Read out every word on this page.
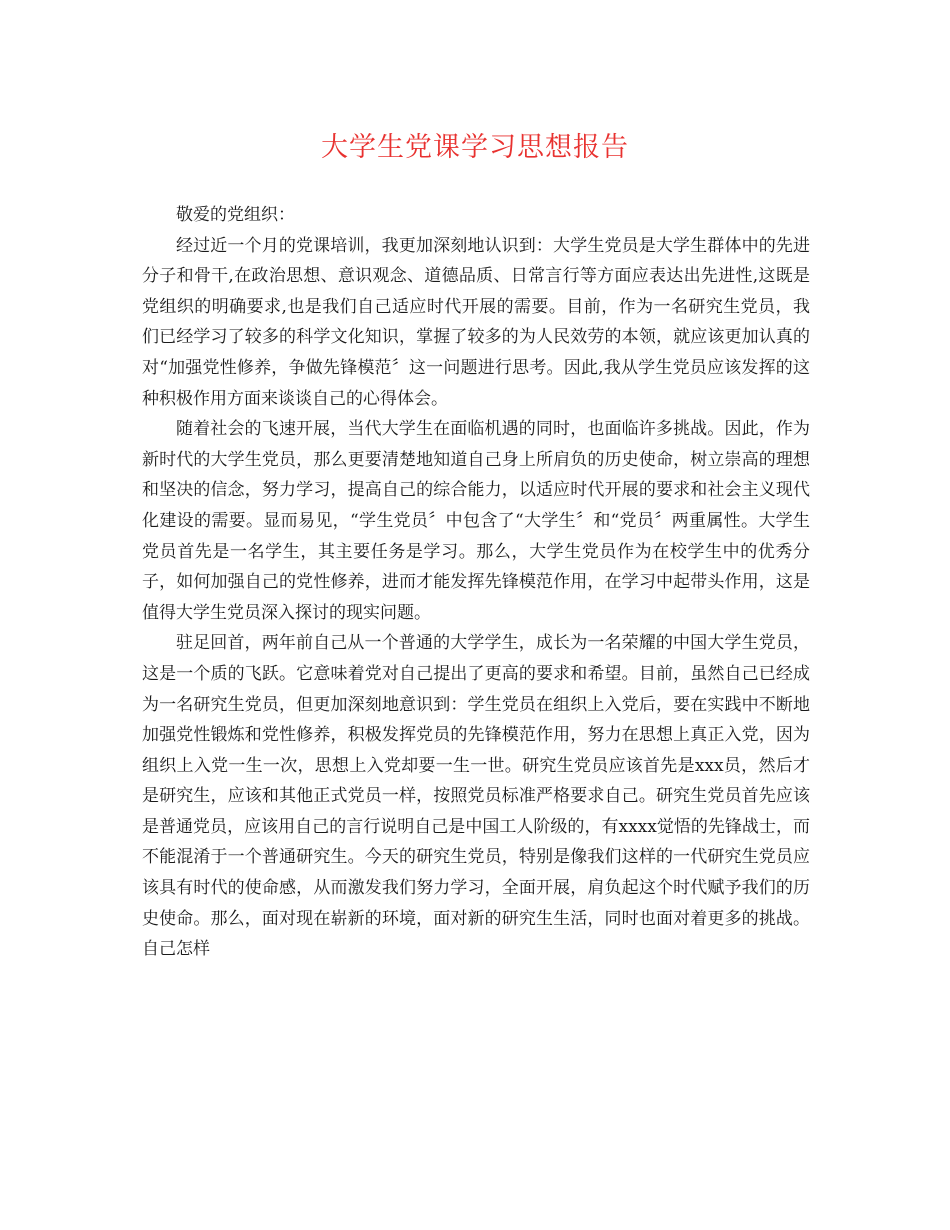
大学生党课学习思想报告

敬爱的党组织：

经过近一个月的党课培训，我更加深刻地认识到：大学生党员是大学生群体中的先进分子和骨干,在政治思想、意识观念、道德品质、日常言行等方面应表达出先进性,这既是党组织的明确要求,也是我们自己适应时代开展的需要。目前，作为一名研究生党员，我们已经学习了较多的科学文化知识，掌握了较多的为人民效劳的本领，就应该更加认真的对“加强党性修养，争做先锋模范〞这一问题进行思考。因此,我从学生党员应该发挥的这种积极作用方面来谈谈自己的心得体会。

随着社会的飞速开展，当代大学生在面临机遇的同时，也面临许多挑战。因此，作为新时代的大学生党员，那么更要清楚地知道自己身上所肩负的历史使命，树立崇高的理想和坚决的信念，努力学习，提高自己的综合能力，以适应时代开展的要求和社会主义现代化建设的需要。显而易见，“学生党员〞中包含了“大学生〞和“党员〞两重属性。大学生党员首先是一名学生，其主要任务是学习。那么，大学生党员作为在校学生中的优秀分子，如何加强自己的党性修养，进而才能发挥先锋模范作用，在学习中起带头作用，这是值得大学生党员深入探讨的现实问题。

驻足回首，两年前自己从一个普通的大学学生，成长为一名荣耀的中国大学生党员，这是一个质的飞跃。它意味着党对自己提出了更高的要求和希望。目前，虽然自己已经成为一名研究生党员，但更加深刻地意识到：学生党员在组织上入党后，要在实践中不断地加强党性锻炼和党性修养，积极发挥党员的先锋模范作用，努力在思想上真正入党，因为组织上入党一生一次，思想上入党却要一生一世。研究生党员应该首先是xxx员，然后才是研究生，应该和其他正式党员一样，按照党员标准严格要求自己。研究生党员首先应该是普通党员，应该用自己的言行说明自己是中国工人阶级的，有xxxx觉悟的先锋战士，而不能混淆于一个普通研究生。今天的研究生党员，特别是像我们这样的一代研究生党员应该具有时代的使命感，从而激发我们努力学习，全面开展，肩负起这个时代赋予我们的历史使命。那么，面对现在崭新的环境，面对新的研究生生活，同时也面对着更多的挑战。自己怎样
